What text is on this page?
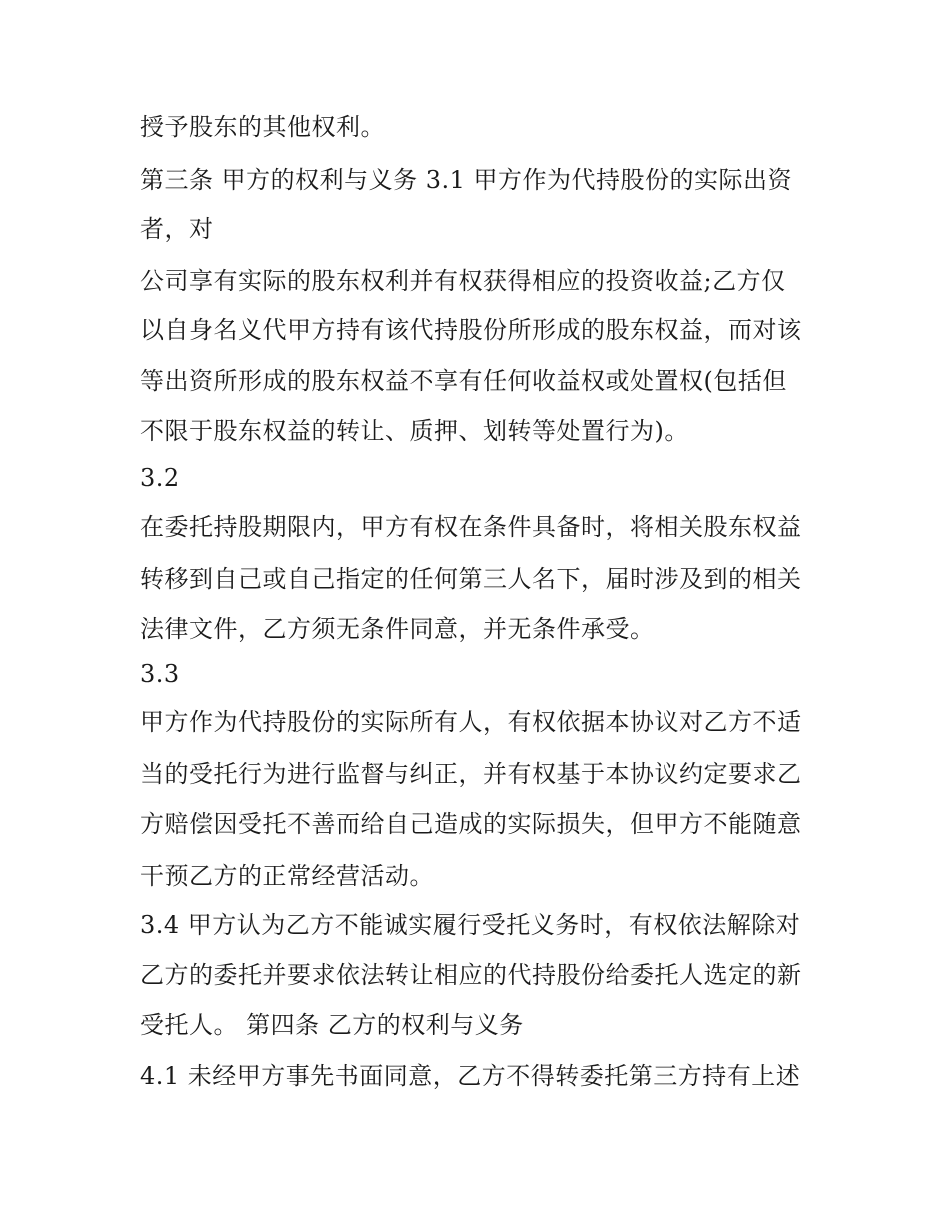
授予股东的其他权利。
第三条 甲方的权利与义务 3.1 甲方作为代持股份的实际出资
者，对
公司享有实际的股东权利并有权获得相应的投资收益;乙方仅
以自身名义代甲方持有该代持股份所形成的股东权益，而对该
等出资所形成的股东权益不享有任何收益权或处置权(包括但
不限于股东权益的转让、质押、划转等处置行为)。
3.2
在委托持股期限内，甲方有权在条件具备时，将相关股东权益
转移到自己或自己指定的任何第三人名下，届时涉及到的相关
法律文件，乙方须无条件同意，并无条件承受。
3.3
甲方作为代持股份的实际所有人，有权依据本协议对乙方不适
当的受托行为进行监督与纠正，并有权基于本协议约定要求乙
方赔偿因受托不善而给自己造成的实际损失，但甲方不能随意
干预乙方的正常经营活动。
3.4 甲方认为乙方不能诚实履行受托义务时，有权依法解除对
乙方的委托并要求依法转让相应的代持股份给委托人选定的新
受托人。 第四条 乙方的权利与义务
4.1 未经甲方事先书面同意，乙方不得转委托第三方持有上述
